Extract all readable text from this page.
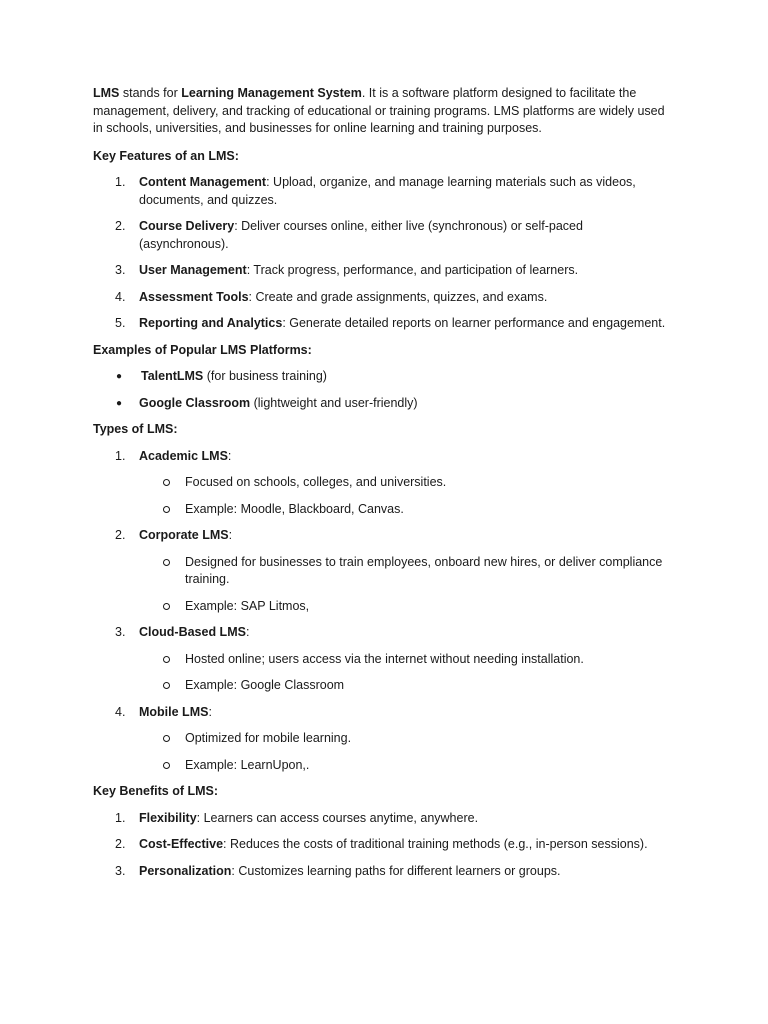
LMS stands for Learning Management System. It is a software platform designed to facilitate the management, delivery, and tracking of educational or training programs. LMS platforms are widely used in schools, universities, and businesses for online learning and training purposes.

Key Features of an LMS:

1. Content Management: Upload, organize, and manage learning materials such as videos, documents, and quizzes.
2. Course Delivery: Deliver courses online, either live (synchronous) or self-paced (asynchronous).
3. User Management: Track progress, performance, and participation of learners.
4. Assessment Tools: Create and grade assignments, quizzes, and exams.
5. Reporting and Analytics: Generate detailed reports on learner performance and engagement.

Examples of Popular LMS Platforms:

● TalentLMS (for business training)
● Google Classroom (lightweight and user-friendly)

Types of LMS:

1. Academic LMS:
Focused on schools, colleges, and universities.
Example: Moodle, Blackboard, Canvas.
2. Corporate LMS:
Designed for businesses to train employees, onboard new hires, or deliver compliance training.
Example: SAP Litmos,
3. Cloud-Based LMS:
Hosted online; users access via the internet without needing installation.
Example: Google Classroom
4. Mobile LMS:
Optimized for mobile learning.
Example: LearnUpon,.

Key Benefits of LMS:

1. Flexibility: Learners can access courses anytime, anywhere.
2. Cost-Effective: Reduces the costs of traditional training methods (e.g., in-person sessions).
3. Personalization: Customizes learning paths for different learners or groups.
